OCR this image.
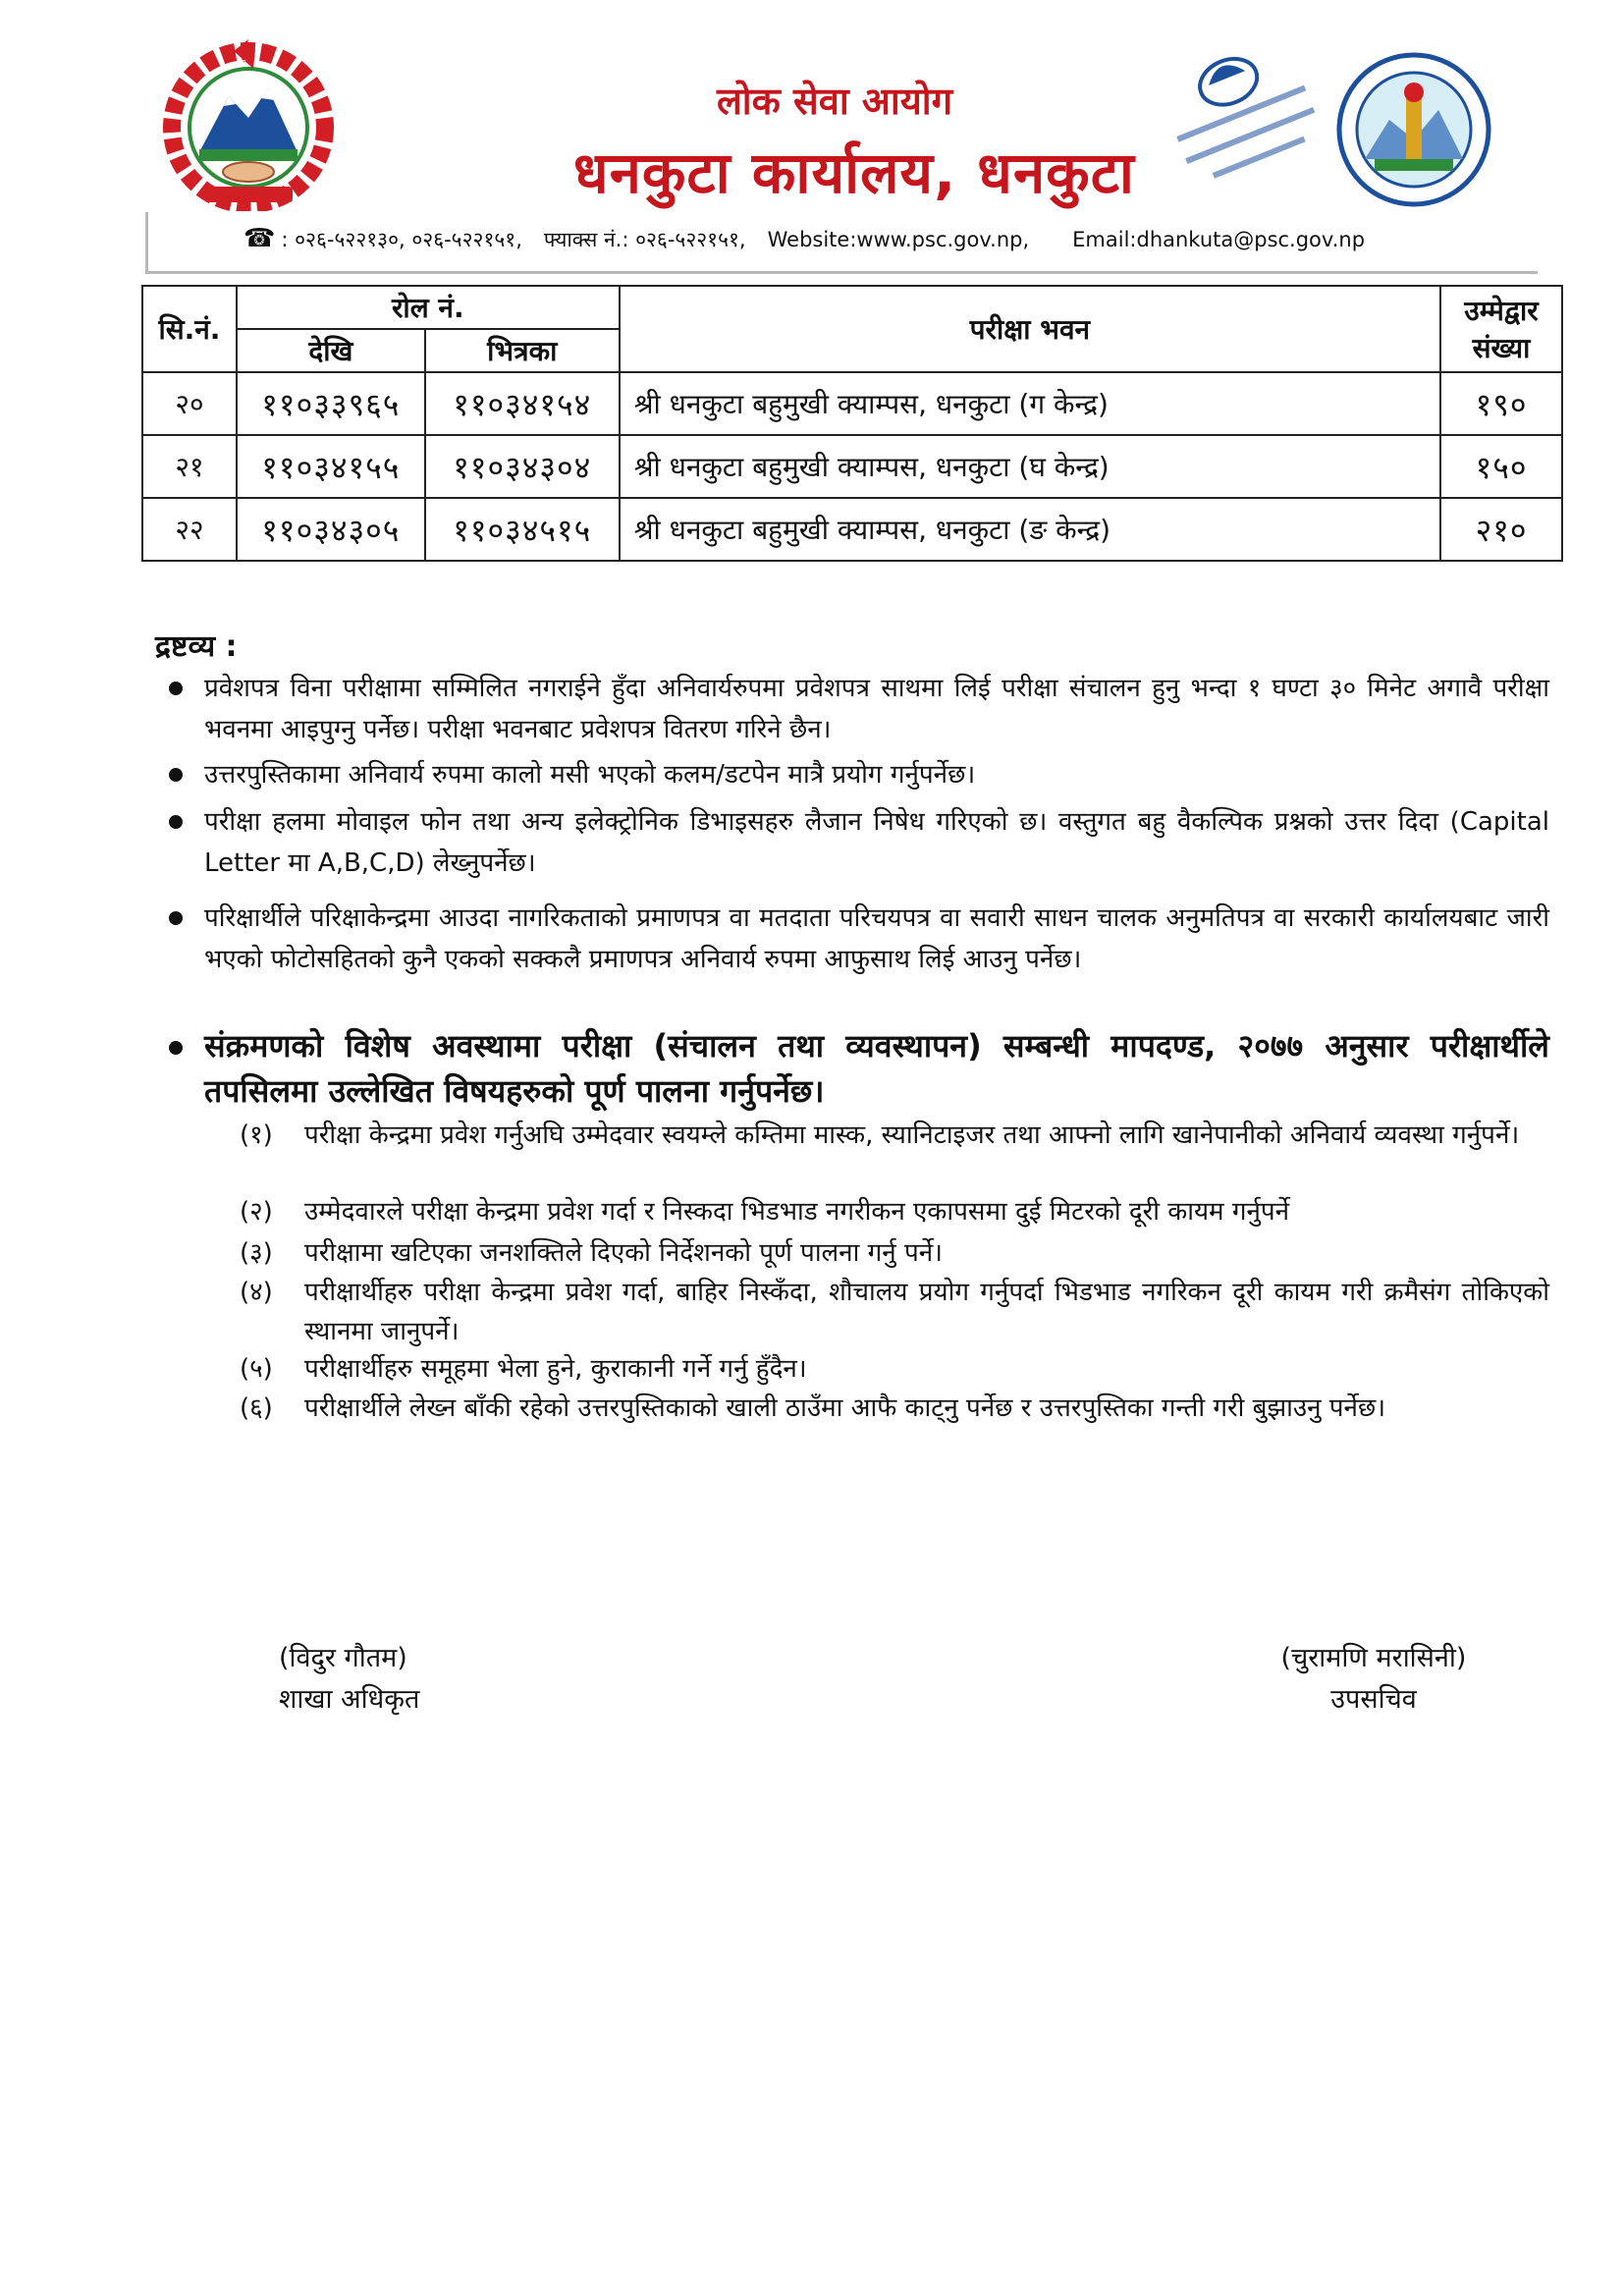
लोक सेवा आयोग
धनकुटा कार्यालय, धनकुटा
☎ : ०२६-५२२१३०, ०२६-५२२१५१, फ्याक्स नं.: ०२६-५२२१५१, Website:www.psc.gov.np, Email:dhankuta@psc.gov.np
सि.नं.	रोल नं.		परीक्षा भवन	उम्मेद्वार संख्या
	देखि	भित्रका		
२०	११०३३९६५	११०३४१५४	श्री धनकुटा बहुमुखी क्याम्पस, धनकुटा (ग केन्द्र)	१९०
२१	११०३४१५५	११०३४३०४	श्री धनकुटा बहुमुखी क्याम्पस, धनकुटा (घ केन्द्र)	१५०
२२	११०३४३०५	११०३४५१५	श्री धनकुटा बहुमुखी क्याम्पस, धनकुटा (ङ केन्द्र)	२१०
द्रष्टव्य :
प्रवेशपत्र विना परीक्षामा सम्मिलित नगराईने हुँदा अनिवार्यरुपमा प्रवेशपत्र साथमा लिई परीक्षा संचालन हुनु भन्दा १ घण्टा ३० मिनेट अगावै परीक्षा भवनमा आइपुग्नु पर्नेछ। परीक्षा भवनबाट प्रवेशपत्र वितरण गरिने छैन।
उत्तरपुस्तिकामा अनिवार्य रुपमा कालो मसी भएको कलम/डटपेन मात्रै प्रयोग गर्नुपर्नेछ।
परीक्षा हलमा मोवाइल फोन तथा अन्य इलेक्ट्रोनिक डिभाइसहरु लैजान निषेध गरिएको छ। वस्तुगत बहु वैकल्पिक प्रश्नको उत्तर दिदा (Capital Letter मा A,B,C,D) लेख्नुपर्नेछ।
परिक्षार्थीले परिक्षाकेन्द्रमा आउदा नागरिकताको प्रमाणपत्र वा मतदाता परिचयपत्र वा सवारी साधन चालक अनुमतिपत्र वा सरकारी कार्यालयबाट जारी भएको फोटोसहितको कुनै एकको सक्कलै प्रमाणपत्र अनिवार्य रुपमा आफुसाथ लिई आउनु पर्नेछ।
संक्रमणको विशेष अवस्थामा परीक्षा (संचालन तथा व्यवस्थापन) सम्बन्धी मापदण्ड, २०७७ अनुसार परीक्षार्थीले तपसिलमा उल्लेखित विषयहरुको पूर्ण पालना गर्नुपर्नेछ।
(१) परीक्षा केन्द्रमा प्रवेश गर्नुअघि उम्मेदवार स्वयम्ले कम्तिमा मास्क, स्यानिटाइजर तथा आफ्नो लागि खानेपानीको अनिवार्य व्यवस्था गर्नुपर्ने।
(२) उम्मेदवारले परीक्षा केन्द्रमा प्रवेश गर्दा र निस्कदा भिडभाड नगरीकन एकापसमा दुई मिटरको दूरी कायम गर्नुपर्ने
(३) परीक्षामा खटिएका जनशक्तिले दिएको निर्देशनको पूर्ण पालना गर्नु पर्ने।
(४) परीक्षार्थीहरु परीक्षा केन्द्रमा प्रवेश गर्दा, बाहिर निस्कँदा, शौचालय प्रयोग गर्नुपर्दा भिडभाड नगरिकन दूरी कायम गरी क्रमैसंग तोकिएको स्थानमा जानुपर्ने।
(५) परीक्षार्थीहरु समूहमा भेला हुने, कुराकानी गर्ने गर्नु हुँदैन।
(६) परीक्षार्थीले लेख्न बाँकी रहेको उत्तरपुस्तिकाको खाली ठाउँमा आफै काट्नु पर्नेछ र उत्तरपुस्तिका गन्ती गरी बुझाउनु पर्नेछ।
(विदुर गौतम)
शाखा अधिकृत
(चुरामणि मरासिनी)
उपसचिव
